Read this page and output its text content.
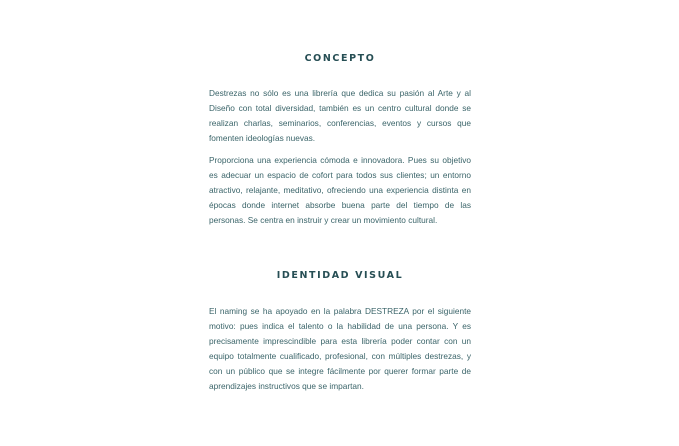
CONCEPTO

Destrezas no sólo es una librería que dedica su pasión al Arte y al Diseño con total diversidad, también es un centro cultural donde se realizan charlas, seminarios, conferencias, eventos y cursos que fomenten ideologías nuevas.

Proporciona una experiencia cómoda e innovadora. Pues su objetivo es adecuar un espacio de cofort para todos sus clientes; un entorno atractivo, relajante, meditativo, ofreciendo una experiencia distinta en épocas donde internet absorbe buena parte del tiempo de las personas. Se centra en instruir y crear un movimiento cultural.

IDENTIDAD VISUAL

El naming se ha apoyado en la palabra DESTREZA por el siguiente motivo: pues indica el talento o la habilidad de una persona. Y es precisamente imprescindible para esta librería poder contar con un equipo totalmente cualificado, profesional, con múltiples destrezas, y con un público que se integre fácilmente por querer formar parte de aprendizajes instructivos que se impartan.
